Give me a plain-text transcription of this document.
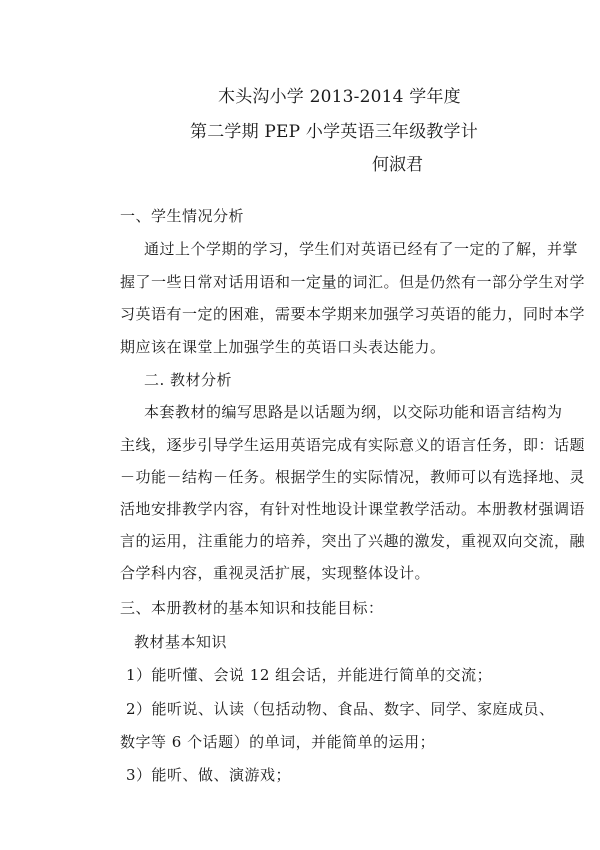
木头沟小学 2013-2014 学年度
第二学期 PEP 小学英语三年级教学计
何淑君
一、学生情况分析
通过上个学期的学习，学生们对英语已经有了一定的了解，并掌
握了一些日常对话用语和一定量的词汇。但是仍然有一部分学生对学
习英语有一定的困难，需要本学期来加强学习英语的能力，同时本学
期应该在课堂上加强学生的英语口头表达能力。
二. 教材分析
本套教材的编写思路是以话题为纲，以交际功能和语言结构为
主线，逐步引导学生运用英语完成有实际意义的语言任务，即：话题
－功能－结构－任务。根据学生的实际情况，教师可以有选择地、灵
活地安排教学内容，有针对性地设计课堂教学活动。本册教材强调语
言的运用，注重能力的培养，突出了兴趣的激发，重视双向交流，融
合学科内容，重视灵活扩展，实现整体设计。
三、本册教材的基本知识和技能目标：
教材基本知识
1）能听懂、会说 12 组会话，并能进行简单的交流；
2）能听说、认读（包括动物、食品、数字、同学、家庭成员、
数字等 6 个话题）的单词，并能简单的运用；
3）能听、做、演游戏；
